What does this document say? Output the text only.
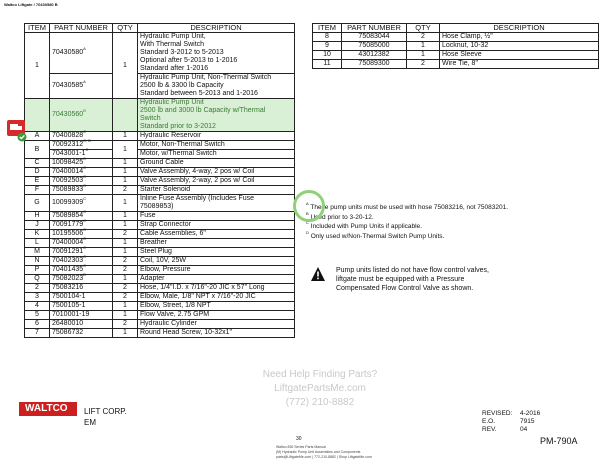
Waltco Liftgate / 70430580 B
ITEM	PART NUMBER	QTY	DESCRIPTION
1	$70430580^A$	1	Hydraulic Pump Unit,
With Thermal Switch
Standard 3-2012 to 5-2013
Optional after 5-2013 to 1-2016
Standard after 1-2016
	$70430585^A$		Hydraulic Pump Unit, Non-Thermal Switch
2500 lb & 3300 lb Capacity
Standard between 5-2013 and 1-2016
	$70430560^B$		Hydraulic Pump Unit
2500 lb and 3000 lb Capacity w/Thermal
Switch
Standard prior to 3-2012
A	$70400828^C$	1	Hydraulic Reservoir
B	$70092312^{C, D}$	1	Motor, Non-Thermal Switch
	$7043001-1^C$		Motor, w/Thermal Switch
C	$10098425^C$	1	Ground Cable
D	$70400014^C$	1	Valve Assembly, 4-way, 2 pos w/ Coil
E	$70092503^C$	1	Valve Assembly, 2-way, 2 pos w/ Coil
F	$75089833^C$	2	Starter Solenoid
G	$10099309^C$	1	Inline Fuse Assembly (Includes Fuse
75089853)
H	$75089854^C$	1	Fuse
J	$70091779^C$	1	Strap Connector
K	$10195506^C$	2	Cable Assemblies, 6"
L	$70400004^C$	1	Breather
M	$70091291^C$	1	Steel Plug
N	$70402303^C$	2	Coil, 10V, 25W
P	$70401435^C$	2	Elbow, Pressure
Q	$75082023^D$	1	Adapter
2	75083216	2	Hose, 1/4"I.D. x 7/16"-20 JIC x 57" Long
3	7500104-1	2	Elbow, Male, 1/8" NPT x 7/16"-20 JIC
4	7500105-1	1	Elbow, Street, 1/8 NPT
5	7010001-19	1	Flow Valve, 2.75 GPM
6	26480010	2	Hydraulic Cylinder
7	75086732	1	Round Head Screw, 10-32x1"
ITEM	PART NUMBER	QTY	DESCRIPTION
8	75083044	2	Hose Clamp, ½"
9	75085000	1	Locknut, 10-32
10	43012382	1	Hose Sleeve
11	75089300	2	Wire Tie, 8"
$^A$ These pump units must be used with hose 75083216, not 75083201.
$^B$ Used prior to 3-20-12.
$^C$ Included with Pump Units if applicable.
$^D$ Only used w/Non-Thermal Switch Pump Units.
Pump units listed do not have flow control valves, liftgate must be equipped with a Pressure Compensated Flow Control Valve as shown.
Need Help Finding Parts?
LiftgatePartsMe.com
(772) 210-8882
WALTCO	LIFT CORP.
EM
REVISED: 4-2016
E.O.	7915
REV.	04
PM-790A
30
Waltco 830 Series Parts Manual
(M) Hydraulic Pump Unit Assemblies and Components
parts@LiftgateMe.com | 772-210-8882 | Shop LiftgateMe.com
